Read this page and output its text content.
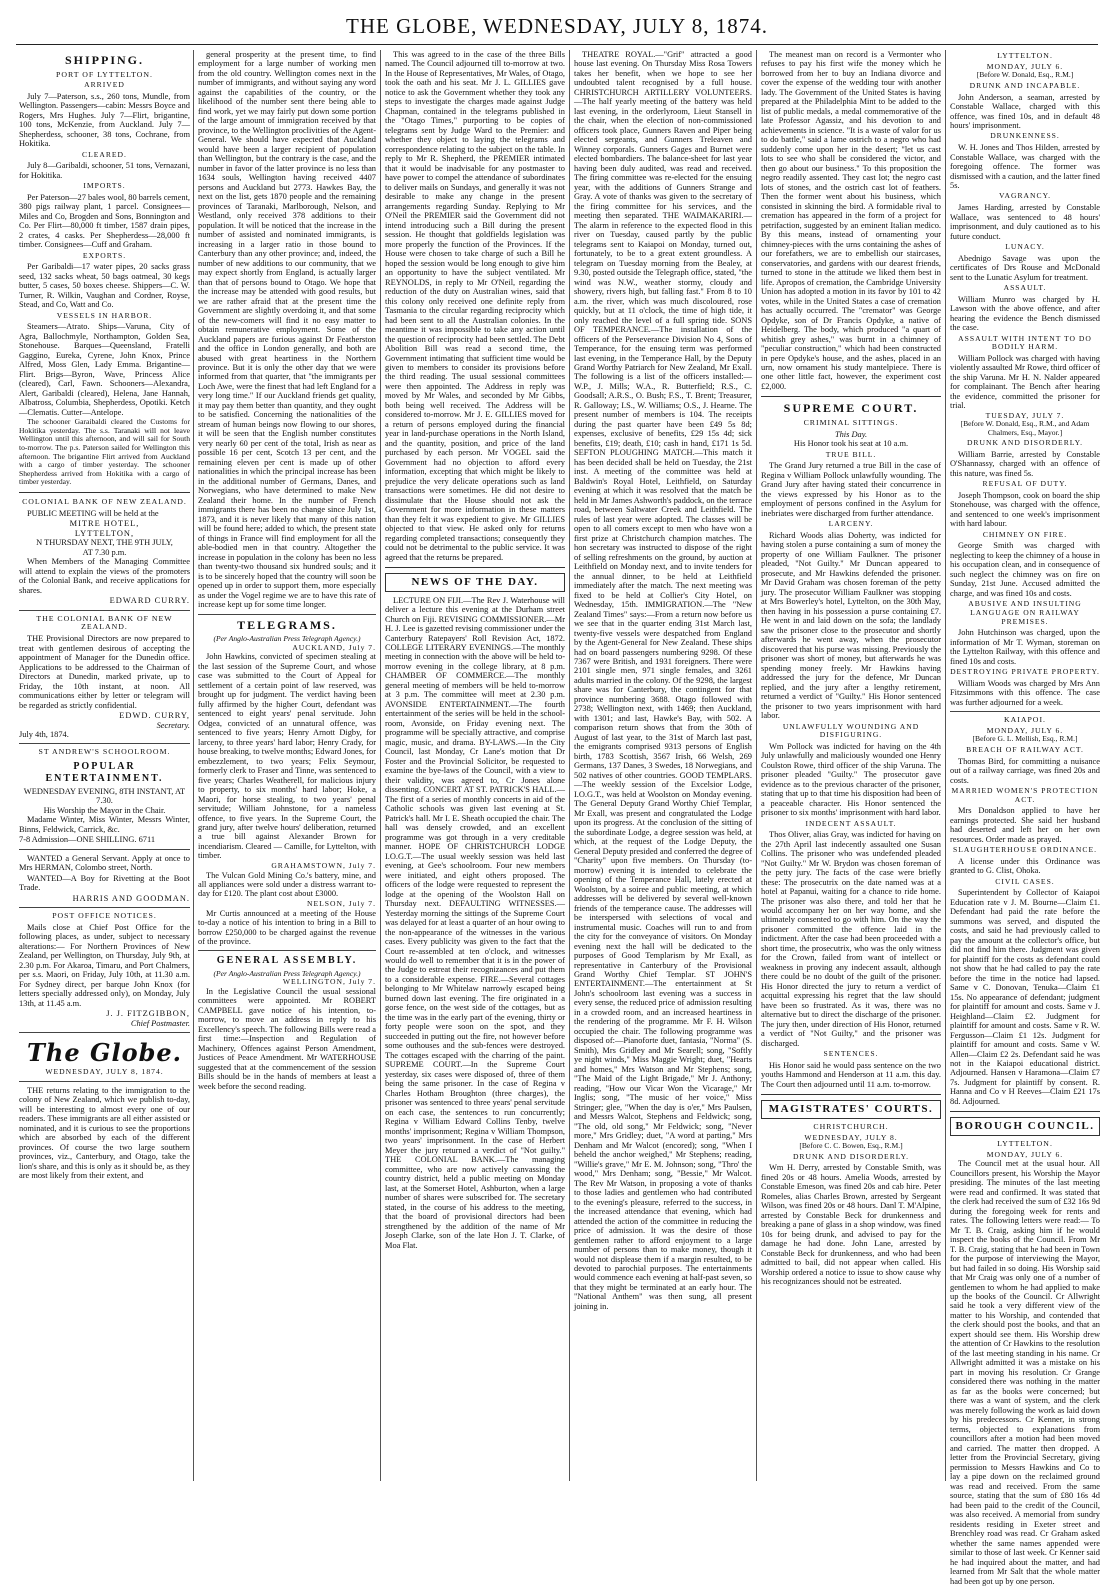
THE GLOBE, WEDNESDAY, JULY 8, 1874.
SHIPPING.
PORT OF LYTTELTON.
ARRIVED

July 7—Paterson, s.s., 260 tons, Mundle, from Wellington. Passengers—cabin: Messrs Boyce and Rogers, Mrs Hughes. July 7—Flirt, brigantine, 100 tons, McKenzie, from Auckland. July 7—Shepherdess, schooner, 38 tons, Cochrane, from Hokitika.

CLEARED.

July 8—Garibaldi, schooner, 51 tons, Vernazani, for Hokitika.

IMPORTS.

Per Paterson—27 bales wool, 80 barrels cement, 380 pigs railway plant, 1 parcel. Consignees—Miles and Co, Brogden and Sons, Bonnington and Co. Per Flirt—80,000 ft timber, 1587 drain pipes, 2 crates, 4 casks. Per Shepherdess—28,000 ft timber. Consignees—Cuff and Graham.

EXPORTS.

Per Garibaldi—17 water pipes, 20 sacks grass seed, 132 sacks wheat, 50 bags oatmeal, 30 kegs butter, 5 cases, 50 boxes cheese. Shippers—C. W. Turner, R. Wilkin, Vaughan and Cordner, Royse, Stead, and Co, Watt and Co.

VESSELS IN HARBOR.

Steamers—Atrato. Ships—Varuna, City of Agra, Ballochmyle, Northampton, Golden Sea, Stonehouse. Barques—Queensland, Fratelli Gaggino, Eureka, Cyrene, John Knox, Prince Alfred, Moss Glen, Lady Emma. Brigantine—Flirt. Brigs—Byron, Wave, Princess Alice (cleared), Carl, Fawn. Schooners—Alexandra, Alert, Garibaldi (cleared), Helena, Jane Hannah, Albatross, Columbia, Shepherdess, Opotiki. Ketch—Clematis. Cutter—Antelope.

The schooner Garaibaldi cleared the Customs for Hokitika yesterday. The s.s. Taranaki will not leave Wellington until this afternoon, and will sail for South to-morrow. The p.s. Paterson sailed for Wellington this afternoon. The brigantine Flirt arrived from Auckland with a cargo of timber yesterday. The schooner Shepherdess arrived from Hokitika with a cargo of timber yesterday.

COLONIAL BANK OF NEW ZEALAND.

PUBLIC MEETING will be held at the

MITRE HOTEL,
LYTTELTON,
N THURSDAY NEXT, THE 9TH JULY,
AT 7.30 p.m.

When Members of the Managing Committee will attend to explain the views of the promoters of the Colonial Bank, and receive applications for shares.

EDWARD CURRY.
THE COLONIAL BANK OF NEW ZEALAND.

THE Provisional Directors are now prepared to treat with gentlemen desirous of accepting the appointment of Manager for the Dunedin office. Applications to be addressed to the Chairman of Directors at Dunedin, marked private, up to Friday, the 10th instant, at noon. All communications either by letter or telegram will be regarded as strictly confidential.

EDWD. CURRY,
Secretary.
July 4th, 1874.
ST ANDREW'S SCHOOLROOM.
POPULAR ENTERTAINMENT.
WEDNESDAY EVENING, 8TH INSTANT, AT 7.30.
His Worship the Mayor in the Chair.

Madame Winter, Miss Winter, Messrs Winter, Binns, Feldwick, Carrick, &c.

7-8 Admission—ONE SHILLING. 6711

WANTED a General Servant. Apply at once to Mrs HERMAN, Colombo street, North.

WANTED—A Boy for Rivetting at the Boot Trade.

HARRIS AND GOODMAN.
POST OFFICE NOTICES.

Mails close at Chief Post Office for the following places, as under, subject to necessary alterations:— For Northern Provinces of New Zealand, per Wellington, on Thursday, July 9th, at 2.30 p.m. For Akaroa, Timaru, and Port Chalmers, per s.s. Maori, on Friday, July 10th, at 11.30 a.m. For Sydney direct, per barque John Knox (for letters specially addressed only), on Monday, July 13th, at 11.45 a.m.

J. J. FITZGIBBON,
Chief Postmaster.
The Globe.
WEDNESDAY, JULY 8, 1874.

THE returns relating to the immigration to the colony of New Zealand, which we publish to-day, will be interesting to almost every one of our readers. These immigrants are all either assisted or nominated, and it is curious to see the proportions which are absorbed by each of the different provinces. Of course the two large southern provinces, viz., Canterbury, and Otago, take the lion's share, and this is only as it should be, as they are most likely from their extent, and

general prosperity at the present time, to find employment for a large number of working men from the old country. Wellington comes next in the number of immigrants, and without saying any word against the capabilities of the country, or the likelihood of the number sent there being able to find work, yet we may fairly put down some portion of the large amount of immigration received by that province, to the Wellington proclivities of the Agent-General. We should have expected that Auckland would have been a larger recipient of population than Wellington, but the contrary is the case, and the number in favor of the latter province is no less than 1634 souls, Wellington having received 4407 persons and Auckland but 2773. Hawkes Bay, the next on the list, gets 1870 people and the remaining provinces of Taranaki, Marlborough, Nelson, and Westland, only received 378 additions to their population. It will be noticed that the increase in the number of assisted and nominated immigrants, is increasing in a larger ratio in those bound to Canterbury than any other province; and, indeed, the number of new additions to our community, that we may expect shortly from England, is actually larger than that of persons bound to Otago. We hope that the increase may be attended with good results, but we are rather afraid that at the present time the Government are slightly overdoing it, and that some of the new-comers will find it no easy matter to obtain remunerative employment. Some of the Auckland papers are furious against Dr Featherston and the office in London generally, and both are abused with great heartiness in the Northern province. But it is only the other day that we were informed from that quarter, that "the immigrants per Loch Awe, were the finest that had left England for a very long time." If our Auckland friends get quality, it may pay them better than quantity, and they ought to be satisfied. Concerning the nationalities of the stream of human beings now flowing to our shores, it will be seen that the English number constitutes very nearly 60 per cent of the total, Irish as near as possible 16 per cent, Scotch 13 per cent, and the remaining eleven per cent is made up of other nationalities in which the principal increase has been in the additional number of Germans, Danes, and Norwegians, who have determined to make New Zealand their home. In the number of French immigrants there has been no change since July 1st, 1873, and it is never likely that many of this nation will be found here; added to which, the present state of things in France will find employment for all the able-bodied men in that country. Altogether the increase in population in the colony has been no less than twenty-two thousand six hundred souls; and it is to be sincerely hoped that the country will soon be opened up in order to support them, more especially as under the Vogel regime we are to have this rate of increase kept up for some time longer.

TELEGRAMS.
(Per Anglo-Australian Press Telegraph Agency.)
AUCKLAND, July 7.

John Hawkins, convicted of specimen stealing at the last session of the Supreme Court, and whose case was submitted to the Court of Appeal for settlement of a certain point of law reserved, was brought up for judgment. The verdict having been fully affirmed by the higher Court, defendant was sentenced to eight years' penal servitude. John Odgea, convicted of an unnatural offence, was sentenced to five years; Henry Arnott Digby, for larceny, to three years' hard labor; Henry Crady, for house breaking, to twelve months; Edward Jones, for embezzlement, to two years; Felix Seymour, formerly clerk to Fraser and Tinne, was sentenced to five years; Charles Weatherell, for malicious injury to property, to six months' hard labor; Hoke, a Maori, for horse stealing, to two years' penal servitude; William Johnstone, for a nameless offence, to five years. In the Supreme Court, the grand jury, after twelve hours' deliberation, returned a true bill against Alexander Brown for incendiarism. Cleared — Camille, for Lyttelton, with timber.

GRAHAMSTOWN, July 7.

The Vulcan Gold Mining Co.'s battery, mine, and all appliances were sold under a distress warrant to-day for £120. The plant cost about £3000.

NELSON, July 7.

Mr Curtis announced at a meeting of the House to-day a notice of his intention to bring in a Bill to borrow £250,000 to be charged against the revenue of the province.

GENERAL ASSEMBLY.
(Per Anglo-Australian Press Telegraph Agency.)
WELLINGTON, July 7.

In the Legislative Council the usual sessional committees were appointed. Mr ROBERT CAMPBELL gave notice of his intention, to-morrow, to move an address in reply to his Excellency's speech. The following Bills were read a first time:—Inspection and Regulation of Machinery, Offences against Person Amendment, Justices of Peace Amendment. Mr WATERHOUSE suggested that at the commencement of the session Bills should be in the hands of members at least a week before the second reading.

This was agreed to in the case of the three Bills named. The Council adjourned till to-morrow at two. In the House of Representatives, Mr Wales, of Otago, took the oath and his seat. Mr J. L. GILLIES gave notice to ask the Government whether they took any steps to investigate the charges made against Judge Chapman, contained in the telegrams published in the "Otago Times," purporting to be copies of telegrams sent by Judge Ward to the Premier: and whether they object to laying the telegrams and correspondence relating to the subject on the table. In reply to Mr R. Shepherd, the PREMIER intimated that it would be inadvisable for any postmaster to have power to compel the attendance of subordinates to deliver mails on Sundays, and generally it was not desirable to make any change in the present arrangements regarding Sunday. Replying to Mr O'Neil the PREMIER said the Government did not intend introducing such a Bill during the present session. He thought that goldfields legislation was more properly the function of the Provinces. If the House were chosen to take charge of such a Bill he hoped the session would be long enough to give him an opportunity to have the subject ventilated. Mr REYNOLDS, in reply to Mr O'Neil, regarding the reduction of the duty on Australian wines, said that this colony only received one definite reply from Tasmania to the circular regarding reciprocity which had been sent to all the Australian colonies. In the meantime it was impossible to take any action until the question of reciprocity had been settled. The Debt Abolition Bill was read a second time, the Government intimating that sufficient time would be given to members to consider its provisions before the third reading. The usual sessional committees were then appointed. The Address in reply was moved by Mr Wales, and seconded by Mr Gibbs, both being well received. The Address will be considered to-morrow. Mr J. E. GILLIES moved for a return of persons employed during the financial year in land-purchase operations in the North Island, and the quantity, position, and price of the land purchased by each person. Mr VOGEL said the Government had no objection to afford every information, excepting that which might be likely to prejudice the very delicate operations such as land transactions were sometimes. He did not desire to dissimulate that the House should not ask the Government for more information in these matters than they felt it was expedient to give. Mr GILLIES objected to that view. He asked only for returns regarding completed transactions; consequently they could not be detrimental to the public service. It was agreed that the returns be prepared.

NEWS OF THE DAY.

LECTURE ON FIJI.—The Rev J. Waterhouse will deliver a lecture this evening at the Durham street Church on Fiji. REVISING COMMISSIONER.—Mr H. J. Lee is gazetted revising commissioner under the Canterbury Ratepayers' Roll Revision Act, 1872. COLLEGE LITERARY EVENINGS.—The monthly meeting in connection with the above will be held to-morrow evening in the college library, at 8 p.m. CHAMBER OF COMMERCE.—The monthly general meeting of members will be held to-morrow at 3 p.m. The committee will meet at 2.30 p.m. AVONSIDE ENTERTAINMENT.—The fourth entertainment of the series will be held in the school-room, Avonside, on Friday evening next. The programme will be specially attractive, and comprise magic, music, and drama. BY-LAWS.—In the City Council, last Monday, Cr Lane's motion that Dr Foster and the Provincial Solicitor, be requested to examine the bye-laws of the Council, with a view to their validity, was agreed to, Cr Jones alone dissenting. CONCERT AT ST. PATRICK'S HALL.—The first of a series of monthly concerts in aid of the Catholic schools was given last evening at St. Patrick's hall. Mr I. E. Sheath occupied the chair. The hall was densely crowded, and an excellent programme was got through in a very creditable manner. HOPE OF CHRISTCHURCH LODGE I.O.G.T.—The usual weekly session was held last evening, at Gee's schoolroom. Four new members were initiated, and eight others proposed. The officers of the lodge were requested to represent the lodge at the opening of the Woolston Hall on Thursday next. DEFAULTING WITNESSES.—Yesterday morning the sittings of the Supreme Court was delayed for at least a quarter of an hour owing to the non-appearance of the witnesses in the various cases. Every publicity was given to the fact that the Court re-assembled at ten o'clock, and witnesses would do well to remember that it is in the power of the Judge to estreat their recognizances and put them to a considerable expense. FIRE.—Several cottages belonging to Mr Whitelaw narrowly escaped being burned down last evening. The fire originated in a gorse fence, on the west side of the cottages, but as the time was in the early part of the evening, thirty or forty people were soon on the spot, and they succeeded in putting out the fire, not however before some outhouses and the sub-fences were destroyed. The cottages escaped with the charring of the paint. SUPREME COURT.—In the Supreme Court yesterday, six cases were disposed of, three of them being the same prisoner. In the case of Regina v Charles Hotham Broughton (three charges), the prisoner was sentenced to three years' penal servitude on each case, the sentences to run concurrently; Regina v William Edward Collins Tenby, twelve months' imprisonment; Regina v William Thompson, two years' imprisonment. In the case of Herbert Meyer the jury returned a verdict of "Not guilty." THE COLONIAL BANK.—The managing committee, who are now actively canvassing the country district, held a public meeting on Monday last, at the Somerset Hotel, Ashburton, when a large number of shares were subscribed for. The secretary stated, in the course of his address to the meeting, that the board of provisional directors had been strengthened by the addition of the name of Mr Joseph Clarke, son of the late Hon J. T. Clarke, of Moa Flat.

THEATRE ROYAL.—"Grif" attracted a good house last evening. On Thursday Miss Rosa Towers takes her benefit, when we hope to see her undoubted talent recognised by a full house. CHRISTCHURCH ARTILLERY VOLUNTEERS.—The half yearly meeting of the battery was held last evening, in the orderlyroom, Lieut Stansell in the chair, when the election of non-commissioned officers took place, Gunners Raven and Piper being elected sergeants, and Gunners Treleaven and Winney corporals. Gunners Gages and Burnet were elected bombardiers. The balance-sheet for last year having been duly audited, was read and received. The firing committee was re-elected for the ensuing year, with the additions of Gunners Strange and Gray. A vote of thanks was given to the secretary of the firing committee for his services, and the meeting then separated. THE WAIMAKARIRI.—The alarm in reference to the expected flood in this river on Tuesday, caused partly by the public telegrams sent to Kaiapoi on Monday, turned out, fortunately, to be to a great extent groundless. A telegram on Tuesday morning from the Bealey, at 9.30, posted outside the Telegraph office, stated, "the wind was N.W., weather stormy, cloudy and showery, rivers high, but falling fast." From 8 to 10 a.m. the river, which was much discoloured, rose quickly, but at 11 o'clock, the time of high tide, it only reached the level of a full spring tide. SONS OF TEMPERANCE.—The installation of the officers of the Perseverance Division No 4, Sons of Temperance, for the ensuing term was performed last evening, in the Temperance Hall, by the Deputy Grand Worthy Patriarch for New Zealand, Mr Exall. The following is a list of the officers installed:—W.P., J. Mills; W.A., R. Butterfield; R.S., C. Goodsall; A.R.S., O. Bush; F.S., T. Brent; Treasurer, R. Galloway; I.S., W. Williams; O.S., J. Hearne. The present number of members is 104. The receipts during the past quarter have been £49 5s 8d; expenses, exclusive of benefits, £29 15s 4d; sick benefits, £19; death, £10; cash in hand, £171 1s 5d. SEFTON PLOUGHING MATCH.—This match it has been decided shall be held on Tuesday, the 21st inst. A meeting of the committee was held at Baldwin's Royal Hotel, Leithfield, on Saturday evening at which it was resolved that the match be held in Mr James Ashworth's paddock, on the terrace road, between Saltwater Creek and Leithfield. The rules of last year were adopted. The classes will be open to all comers except to men who have won a first prize at Christchurch champion matches. The hon secretary was instructed to dispose of the right of selling refreshments on the ground, by auction at Leithfield on Monday next, and to invite tenders for the annual dinner, to be held at Leithfield immediately after the match. The next meeting was fixed to be held at Collier's City Hotel, on Wednesday, 15th. IMMIGRATION.—The "New Zealand Times" says:—From a return now before us we see that in the quarter ending 31st March last, twenty-five vessels were despatched from England by the Agent-General for New Zealand. These ships had on board passengers numbering 9298. Of these 7367 were British, and 1931 foreigners. There were 2101 single men, 971 single females, and 3261 adults married in the colony. Of the 9298, the largest share was for Canterbury, the contingent for that province numbering 3688. Otago followed with 2738; Wellington next, with 1469; then Auckland, with 1301; and last, Hawke's Bay, with 502. A comparison return shows that from the 30th of August of last year, to the 31st of March last past, the emigrants comprised 9313 persons of English birth, 1783 Scottish, 3567 Irish, 66 Welsh, 269 Germans, 137 Danes, 3 Swedes, 18 Norwegians, and 502 natives of other countries. GOOD TEMPLARS.—The weekly session of the Excelsior Lodge, I.O.G.T., was held at Woolston on Monday evening. The General Deputy Grand Worthy Chief Templar, Mr Exall, was present and congratulated the Lodge upon its progress. At the conclusion of the sitting of the subordinate Lodge, a degree session was held, at which, at the request of the Lodge Deputy, the General Deputy presided and conferred the degree of "Charity" upon five members. On Thursday (to-morrow) evening it is intended to celebrate the opening of the Temperance Hall, lately erected at Woolston, by a soiree and public meeting, at which addresses will be delivered by several well-known friends of the temperance cause. The addresses will be interspersed with selections of vocal and instrumental music. Coaches will run to and from the city for the conveyance of visitors. On Monday evening next the hall will be dedicated to the purposes of Good Templarism by Mr Exall, as representative in Canterbury of the Provisional Grand Worthy Chief Templar. ST JOHN'S ENTERTAINMENT.—The entertainment at St John's schoolroom last evening was a success in every sense, the reduced price of admission resulting in a crowded room, and an increased heartiness in the rendering of the programme. Mr F. H. Wilson occupied the chair. The following programme was disposed of:—Pianoforte duet, fantasia, "Norma" (S. Smith), Mrs Gridley and Mr Searell; song, "Softly ye night winds," Miss Maggie Wright; duet, "Hearts and homes," Mrs Watson and Mr Stephens; song, "The Maid of the Light Brigade," Mr J. Anthony; reading, "How our Vicar Won the Vicarage," Mr Inglis; song, "The music of her voice," Miss Stringer; glee, "When the day is o'er," Mrs Paulsen, and Messrs Walcot, Stephens and Feldwick; song, "The old, old song," Mr Feldwick; song, "Never more," Mrs Gridley; duet, "A word at parting," Mrs Denham and Mr Walcot (encored); song, "When I beheld the anchor weighed," Mr Stephens; reading, "Willie's grave," Mr E. M. Johnson; song, "Thro' the wood," Mrs Denham; song, "Bessie," Mr Walcot. The Rev Mr Watson, in proposing a vote of thanks to those ladies and gentlemen who had contributed to the evening's pleasure, referred to the success, in the increased attendance that evening, which had attended the action of the committee in reducing the price of admission. It was the desire of those gentlemen rather to afford enjoyment to a large number of persons than to make money, though it would not displease them if a margin resulted, to be devoted to parochial purposes. The entertainments would commence each evening at half-past seven, so that they might be terminated at an early hour. The "National Anthem" was then sung, all present joining in.

The meanest man on record is a Vermonter who refuses to pay his first wife the money which he borrowed from her to buy an Indiana divorce and cover the expense of the wedding tour with another lady. The Government of the United States is having prepared at the Philadelphia Mint to be added to the list of public medals, a medal commemorative of the late Professor Agassiz, and his devotion to and achievements in science. "It is a waste of valor for us to do battle," said a lame ostrich to a negro who had suddenly come upon her in the desert; "let us cast lots to see who shall be considered the victor, and then go about our business." To this proposition the negro readily assented. They cast lot; the negro cast lots of stones, and the ostrich cast lot of feathers. Then the former went about his business, which consisted in skinning the bird. A formidable rival to cremation has appeared in the form of a project for petrifaction, suggested by an eminent Italian medico. By this means, instead of ornamenting your chimney-pieces with the urns containing the ashes of our forefathers, we are to embellish our staircases, conservatories, and gardens with our dearest friends, turned to stone in the attitude we liked them best in life. Apropos of cremation, the Cambridge University Union has adopted a motion in its favor by 101 to 42 votes, while in the United States a case of cremation has actually occurred. The "cremator" was George Opdyke, son of Dr Francis Opdyke, a native of Heidelberg. The body, which produced "a quart of whitish grey ashes," was burnt in a chimney of "peculiar construction," which had been constructed in pere Opdyke's house, and the ashes, placed in an urn, now ornament his study mantelpiece. There is one other little fact, however, the experiment cost £2,000.

SUPREME COURT.
CRIMINAL SITTINGS.
This Day.
His Honor took his seat at 10 a.m.
TRUE BILL.

The Grand Jury returned a true Bill in the case of Regina v William Pollock unlawfully wounding. The Grand Jury after having stated their concurrence in the views expressed by his Honor as to the employment of persons confined in the Asylum for inebriates were discharged from further attendance.

LARCENY.

Richard Woods alias Doherty, was indicted for having stolen a purse containing a sum of money the property of one William Faulkner. The prisoner pleaded, "Not Guilty." Mr Duncan appeared to prosecute, and Mr Hawkins defended the prisoner. Mr David Graham was chosen foreman of the petty jury. The prosecutor William Faulkner was stopping at Mrs Bowerley's hotel, Lyttelton, on the 30th May, then having in his possession a purse containing £7. He went in and laid down on the sofa; the landlady saw the prisoner close to the prosecutor and shortly afterwards he went away, when the prosecutor discovered that his purse was missing. Previously the prisoner was short of money, but afterwards he was spending money freely. Mr Hawkins having addressed the jury for the defence, Mr Duncan replied, and the jury after a lengthy retirement, returned a verdict of "Guilty." His Honor sentenced the prisoner to two years imprisonment with hard labor.

UNLAWFULLY WOUNDING AND DISFIGURING.

Wm Pollock was indicted for having on the 4th July unlawfully and maliciously wounded one Henry Coulston Rowe, third officer of the ship Varuna. The prisoner pleaded "Guilty." The prosecutor gave evidence as to the previous character of the prisoner, stating that up to that time his disposition had been of a peaceable character. His Honor sentenced the prisoner to six months' imprisonment with hard labor.

INDECENT ASSAULT.

Thos Oliver, alias Gray, was indicted for having on the 27th April last indecently assaulted one Susan Collins. The prisoner who was undefended pleaded "Not Guilty." Mr W. Brydon was chosen foreman of the petty jury. The facts of the case were briefly these: The prosecutrix on the date named was at a hotel at Papanui, waiting for a chance to ride home. The prisoner was also there, and told her that he would accompany her on her way home, and she ultimately consented to go with him. On the way the prisoner committed the offence laid in the indictment. After the case had been proceeded with a short time, the prosecutrix, who was the only witness for the Crown, failed from want of intellect or weakness in proving any indecent assault, although there could be no doubt of the guilt of the prisoner. His Honor directed the jury to return a verdict of acquittal expressing his regret that the law should have been so frustrated. As it was, there was no alternative but to direct the discharge of the prisoner. The jury then, under direction of His Honor, returned a verdict of "Not Guilty," and the prisoner was discharged.

SENTENCES.

His Honor said he would pass sentence on the two youths Hammond and Henderson at 11 a.m. this day. The Court then adjourned until 11 a.m. to-morrow.

MAGISTRATES' COURTS.
CHRISTCHURCH.
WEDNESDAY, JULY 8.
[Before C. C. Bowen, Esq., R.M.]
DRUNK AND DISORDERLY.

Wm H. Derry, arrested by Constable Smith, was fined 20s or 48 hours. Amelia Woods, arrested by Constable Emeson, was fined 20s and cab hire. Peter Romeles, alias Charles Brown, arrested by Sergeant Wilson, was fined 20s or 48 hours. Danl T. M'Alpine, arrested by Constable Beck for drunkenness and breaking a pane of glass in a shop window, was fined 10s for being drunk, and advised to pay for the damage he had done. John Lane, arrested by Constable Beck for drunkenness, and who had been admitted to bail, did not appear when called. His Worship ordered a notice to issue to show cause why his recognizances should not be estreated.

LYTTELTON.
MONDAY, JULY 6.
[Before W. Donald, Esq., R.M.]
DRUNK AND INCAPABLE.

John Anderson, a seaman, arrested by Constable Wallace, charged with this offence, was fined 10s, and in default 48 hours' imprisonment.

DRUNKENNESS.

W. H. Jones and Thos Hilden, arrested by Constable Wallace, was charged with the foregoing offence. The former was dismissed with a caution, and the latter fined 5s.

VAGRANCY.

James Harding, arrested by Constable Wallace, was sentenced to 48 hours' imprisonment, and duly cautioned as to his future conduct.

LUNACY.

Abednigo Savage was upon the certificates of Drs Rouse and McDonald sent to the Lunatic Asylum for treatment.

ASSAULT.

William Munro was charged by H. Lawson with the above offence, and after hearing the evidence the Bench dismissed the case.

ASSAULT WITH INTENT TO DO BODILY HARM.

William Pollock was charged with having violently assaulted Mr Rowe, third officer of the ship Varuna. Mr H. N. Nalder appeared for complainant. The Bench after hearing the evidence, committed the prisoner for trial.

TUESDAY, JULY 7.
[Before W. Donald, Esq., R.M., and Adam Chalmers, Esq., Mayor.]
DRUNK AND DISORDERLY.

William Barrie, arrested by Constable O'Shannassy, charged with an offence of this nature, was fined 5s.

REFUSAL OF DUTY.

Joseph Thompson, cook on board the ship Stonehouse, was charged with the offence, and sentenced to one week's imprisonment with hard labour.

CHIMNEY ON FIRE.

George Smith was charged with neglecting to keep the chimney of a house in his occupation clean, and in consequence of such neglect the chimney was on fire on Sunday, 21st June. Accused admitted the charge, and was fined 10s and costs.

ABUSIVE AND INSULTING LANGUAGE ON RAILWAY PREMISES.

John Hutchinson was charged, upon the information of Mr T. Wyman, storeman on the Lyttelton Railway, with this offence and fined 10s and costs.

DESTROYING PRIVATE PROPERTY.

William Woods was charged by Mrs Ann Fitzsimmons with this offence. The case was further adjourned for a week.

KAIAPOI.
MONDAY, JULY 6.
[Before G. L. Mellish, Esq., R.M.]
BREACH OF RAILWAY ACT.

Thomas Bird, for committing a nuisance out of a railway carriage, was fined 20s and costs.

MARRIED WOMEN'S PROTECTION ACT.

Mrs Donaldson applied to have her earnings protected. She said her husband had deserted and left her on her own resources. Order made as prayed.

SLAUGHTERHOUSE ORDINANCE.

A license under this Ordinance was granted to G. Clist, Ohoka.

CIVIL CASES.

Superintendent by Collector of Kaiapoi Education rate v J. M. Bourne—Claim £1. Defendant had paid the rate before the summons was served, and disputed the costs, and said he had previously called to pay the amount at the collector's office, but did not find him there. Judgment was given for plaintiff for the costs as defendant could not show that he had called to pay the rate before the time in the notice had lapsed. Same v C. Donovan, Tenuka—Claim £1 15s. No appearance of defendant; judgment for plaintiff for amount and costs. Same v J. Heighland—Claim £2. Judgment for plaintiff for amount and costs. Same v R. W. Fergusson—Claim £1 12s. Judgment for plaintiff for amount and costs. Same v W. Allen—Claim £2 2s. Defendant said he was not in the Kaiapoi educational district. Adjourned. Hansen v Haramona—Claim £7 7s. Judgment for plaintiff by consent. R. Hanna and Co v H Reeves—Claim £21 17s 8d. Adjourned.

BOROUGH COUNCIL.
LYTTELTON.
MONDAY, JULY 6.

The Council met at the usual hour. All Councillors present, his Worship the Mayor presiding. The minutes of the last meeting were read and confirmed. It was stated that the clerk had received the sum of £32 16s 9d during the foregoing week for rents and rates. The following letters were read:— To Mr T. B. Craig, asking him if he would inspect the books of the Council. From Mr T. B. Craig, stating that he had been in Town for the purpose of interviewing the Mayor, but had failed in so doing. His Worship said that Mr Craig was only one of a number of gentlemen to whom he had applied to make up the books of the Council. Cr Allwright said he took a very different view of the matter to his Worship, and contended that the clerk should post the books, and that an expert should see them. His Worship drew the attention of Cr Hawkins to the resolution of the last meeting standing in his name. Cr Allwright admitted it was a mistake on his part in moving his resolution. Cr Grange considered there was nothing in the matter as far as the books were concerned; but there was a want of system, and the clerk was merely following the work as laid down by his predecessors. Cr Kenner, in strong terms, objected to explanations from councillors after a motion had been moved and carried. The matter then dropped. A letter from the Provincial Secretary, giving permission to Messrs Hawkins and Co to lay a pipe down on the reclaimed ground was read and received. From the same source, stating that the sum of £80 16s 4d had been paid to the credit of the Council, was also received. A memorial from sundry residents residing in Exeter street and Brenchley road was read. Cr Graham asked whether the same names appended were similar to those of last week. Cr Kenner said he had inquired about the matter, and had learned from Mr Salt that the whole matter had been got up by one person.
